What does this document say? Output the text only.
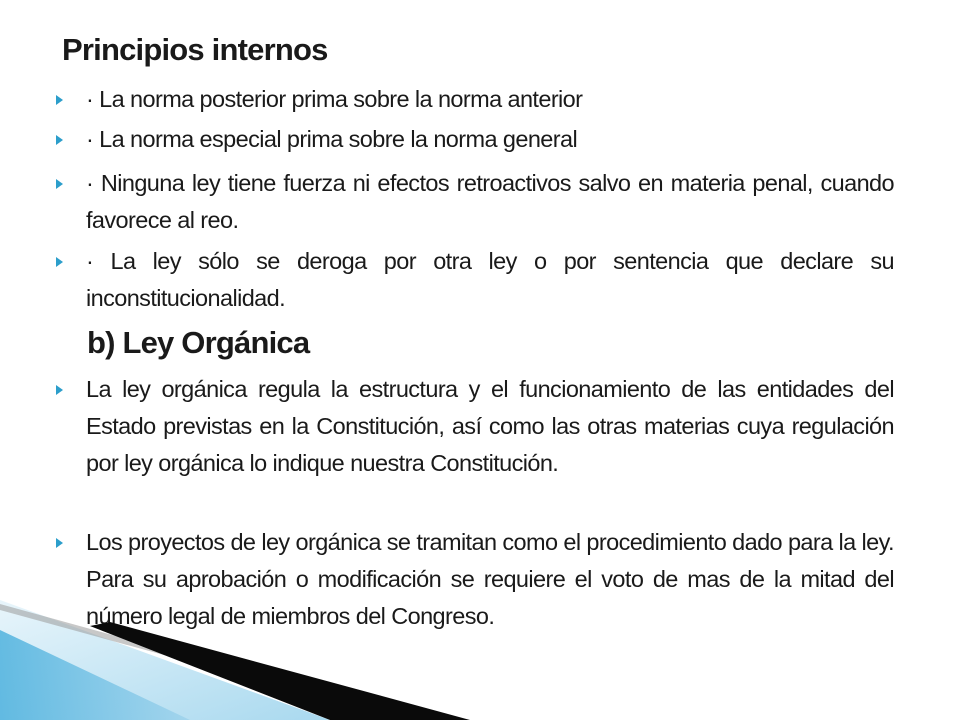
Principios internos
· La norma posterior prima sobre la norma anterior
· La norma especial prima sobre la norma general
· Ninguna ley tiene fuerza ni efectos retroactivos salvo en materia penal, cuando favorece al reo.
· La ley sólo se deroga por otra ley o por sentencia que declare su inconstitucionalidad.
b) Ley Orgánica
La ley orgánica regula la estructura y el funcionamiento de las entidades del Estado previstas en la Constitución, así como las otras materias cuya regulación por ley orgánica lo indique nuestra Constitución.
Los proyectos de ley orgánica se tramitan como el procedimiento dado para la ley. Para su aprobación o modificación se requiere el voto de mas de la mitad del número legal de miembros del Congreso.
